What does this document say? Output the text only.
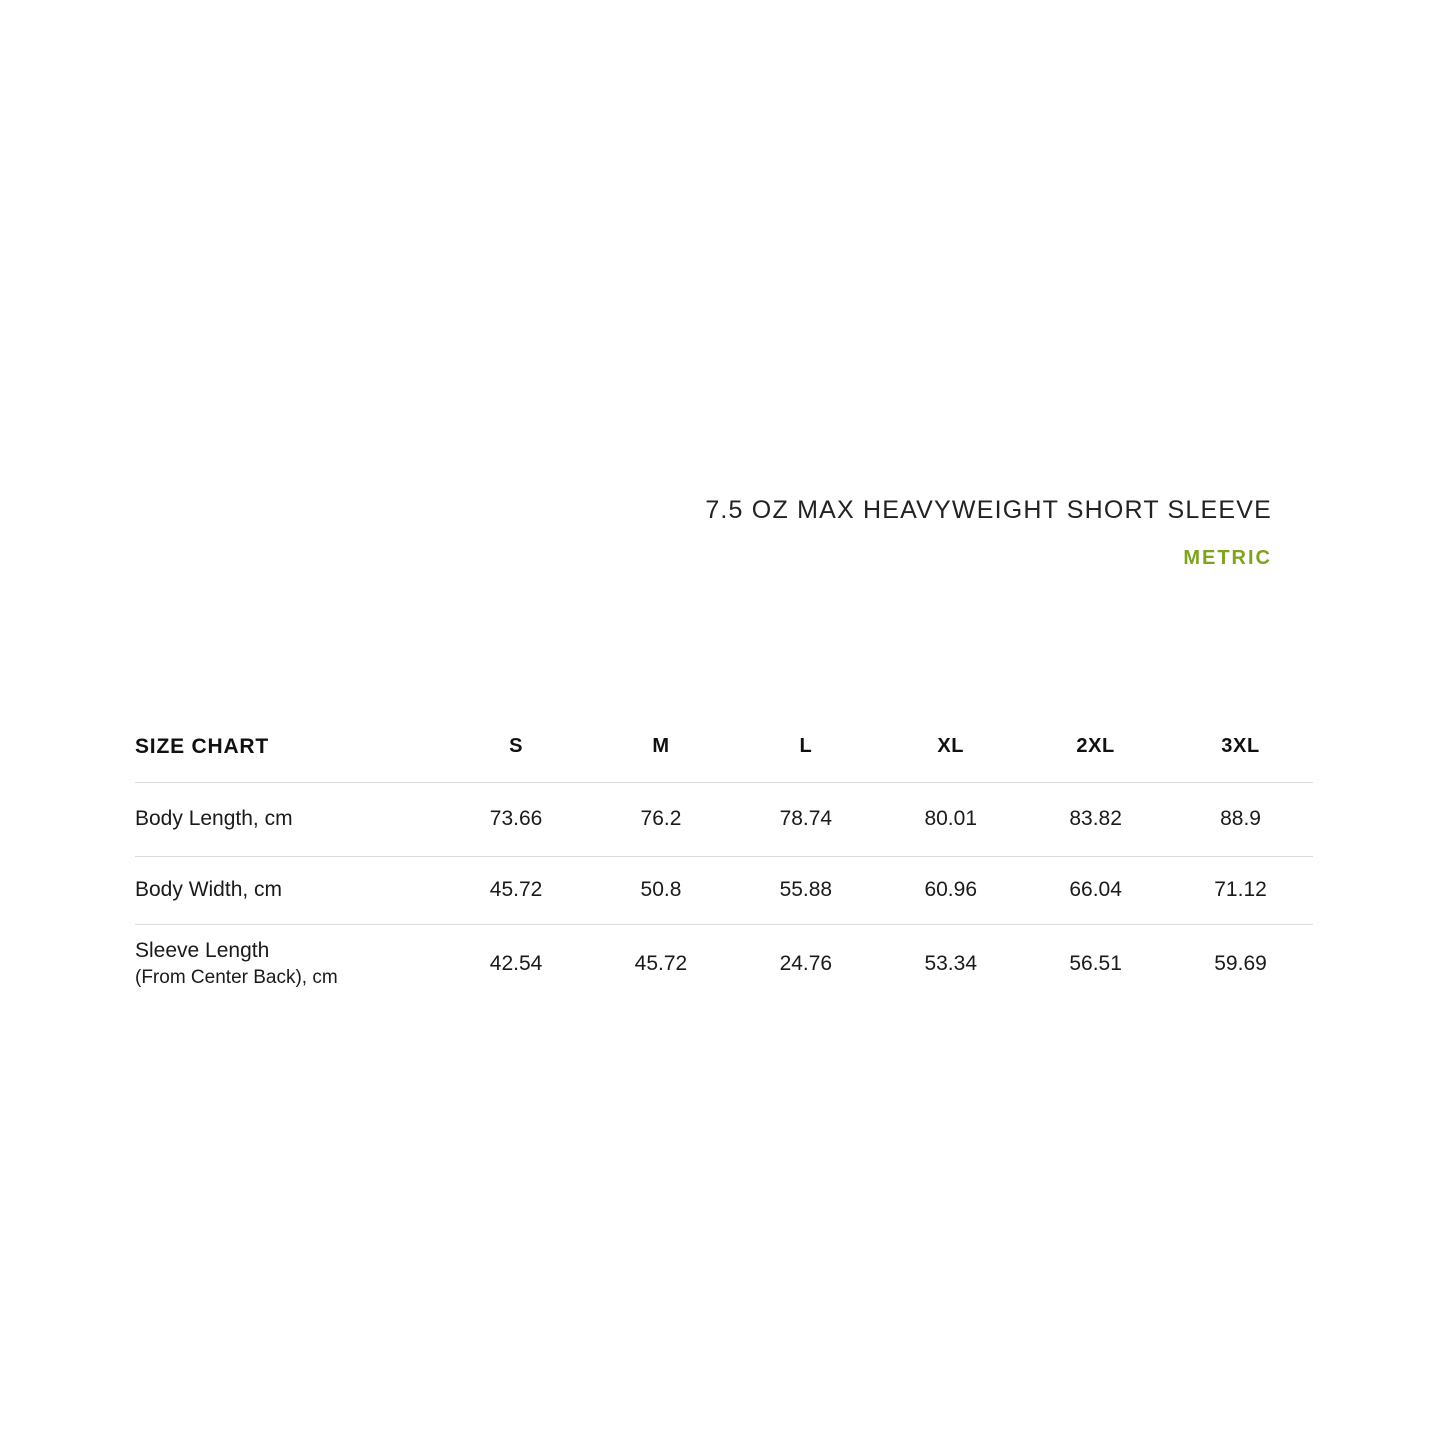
7.5 OZ MAX HEAVYWEIGHT SHORT SLEEVE
METRIC
SIZE CHART	S	M	L	XL	2XL	3XL
Body Length, cm	73.66	76.2	78.74	80.01	83.82	88.9
Body Width, cm	45.72	50.8	55.88	60.96	66.04	71.12

Sleeve Length
(From Center Back), cm	42.54	45.72	24.76	53.34	56.51	59.69
